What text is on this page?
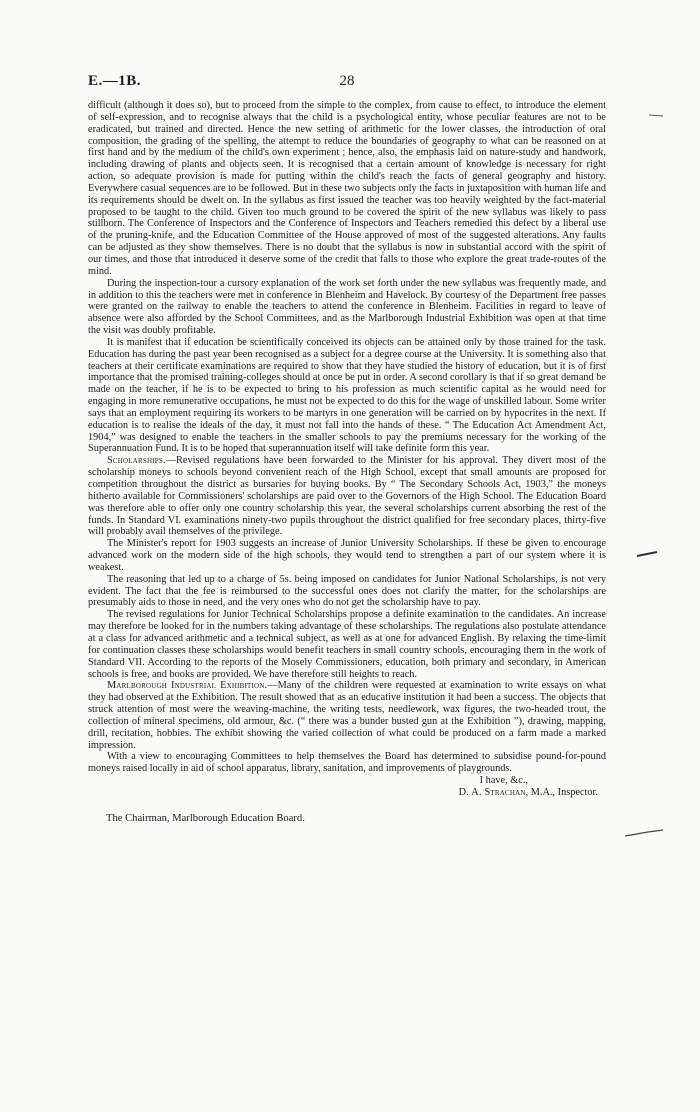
E.—1B.	28

difficult (although it does so), but to proceed from the simple to the complex, from cause to effect, to introduce the element of self-expression, and to recognise always that the child is a psychological entity, whose peculiar features are not to be eradicated, but trained and directed. Hence the new setting of arithmetic for the lower classes, the introduction of oral composition, the grading of the spelling, the attempt to reduce the boundaries of geography to what can be reasoned on at first hand and by the medium of the child's own experiment ; hence, also, the emphasis laid on nature-study and handwork, including drawing of plants and objects seen. It is recognised that a certain amount of knowledge is necessary for right action, so adequate provision is made for putting within the child's reach the facts of general geography and history. Everywhere casual sequences are to be followed. But in these two subjects only the facts in juxtaposition with human life and its requirements should be dwelt on. In the syllabus as first issued the teacher was too heavily weighted by the fact-material proposed to be taught to the child. Given too much ground to be covered the spirit of the new syllabus was likely to pass stillborn. The Conference of Inspectors and the Conference of Inspectors and Teachers remedied this defect by a liberal use of the pruning-knife, and the Education Committee of the House approved of most of the suggested alterations. Any faults can be adjusted as they show themselves. There is no doubt that the syllabus is now in substantial accord with the spirit of our times, and those that introduced it deserve some of the credit that falls to those who explore the great trade-routes of the mind.

During the inspection-tour a cursory explanation of the work set forth under the new syllabus was frequently made, and in addition to this the teachers were met in conference in Blenheim and Havelock. By courtesy of the Department free passes were granted on the railway to enable the teachers to attend the conference in Blenheim. Facilities in regard to leave of absence were also afforded by the School Committees, and as the Marlborough Industrial Exhibition was open at that time the visit was doubly profitable.

It is manifest that if education be scientifically conceived its objects can be attained only by those trained for the task. Education has during the past year been recognised as a subject for a degree course at the University. It is something also that teachers at their certificate examinations are required to show that they have studied the history of education, but it is of first importance that the promised training-colleges should at once be put in order. A second corollary is that if so great demand be made on the teacher, if he is to be expected to bring to his profession as much scientific capital as he would need for engaging in more remunerative occupations, he must not be expected to do this for the wage of unskilled labour. Some writer says that an employment requiring its workers to be martyrs in one generation will be carried on by hypocrites in the next. If education is to realise the ideals of the day, it must not fall into the hands of these. “ The Education Act Amendment Act, 1904,” was designed to enable the teachers in the smaller schools to pay the premiums necessary for the working of the Superannuation Fund. It is to be hoped that superannuation itself will take definite form this year.

Scholarships.—Revised regulations have been forwarded to the Minister for his approval. They divert most of the scholarship moneys to schools beyond convenient reach of the High School, except that small amounts are proposed for competition throughout the district as bursaries for buying books. By “ The Secondary Schools Act, 1903,” the moneys hitherto available for Commissioners' scholarships are paid over to the Governors of the High School. The Education Board was therefore able to offer only one country scholarship this year, the several scholarships current absorbing the rest of the funds. In Standard VI. examinations ninety-two pupils throughout the district qualified for free secondary places, thirty-five will probably avail themselves of the privilege.

The Minister's report for 1903 suggests an increase of Junior University Scholarships. If these be given to encourage advanced work on the modern side of the high schools, they would tend to strengthen a part of our system where it is weakest.

The reasoning that led up to a charge of 5s. being imposed on candidates for Junior National Scholarships, is not very evident. The fact that the fee is reimbursed to the successful ones does not clarify the matter, for the scholarships are presumably aids to those in need, and the very ones who do not get the scholarship have to pay.

The revised regulations for Junior Technical Scholarships propose a definite examination to the candidates. An increase may therefore be looked for in the numbers taking advantage of these scholarships. The regulations also postulate attendance at a class for advanced arithmetic and a technical subject, as well as at one for advanced English. By relaxing the time-limit for continuation classes these scholarships would benefit teachers in small country schools, encouraging them in the work of Standard VII. According to the reports of the Mosely Commissioners, education, both primary and secondary, in American schools is free, and books are provided. We have therefore still heights to reach.

Marlborough Industrial Exhibition.—Many of the children were requested at examination to write essays on what they had observed at the Exhibition. The result showed that as an educative institution it had been a success. The objects that struck attention of most were the weaving-machine, the writing tests, needlework, wax figures, the two-headed trout, the collection of mineral specimens, old armour, &c. (“ there was a bunder busted gun at the Exhibition ”), drawing, mapping, drill, recitation, hobbies. The exhibit showing the varied collection of what could be produced on a farm made a marked impression.

With a view to encouraging Committees to help themselves the Board has determined to subsidise pound-for-pound moneys raised locally in aid of school apparatus, library, sanitation, and improvements of playgrounds.

I have, &c.,
D. A. Strachan, M.A., Inspector.
The Chairman, Marlborough Education Board.
